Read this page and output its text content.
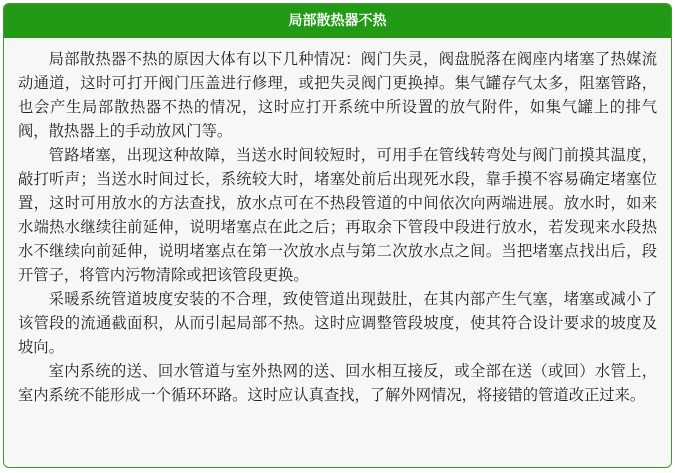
局部散热器不热

局部散热器不热的原因大体有以下几种情况：阀门失灵，阀盘脱落在阀座内堵塞了热媒流动通道，这时可打开阀门压盖进行修理，或把失灵阀门更换掉。集气罐存气太多，阻塞管路，也会产生局部散热器不热的情况，这时应打开系统中所设置的放气附件，如集气罐上的排气阀，散热器上的手动放风门等。

管路堵塞，出现这种故障，当送水时间较短时，可用手在管线转弯处与阀门前摸其温度，敲打听声；当送水时间过长，系统较大时，堵塞处前后出现死水段，靠手摸不容易确定堵塞位置，这时可用放水的方法查找，放水点可在不热段管道的中间依次向两端进展。放水时，如来水端热水继续往前延伸，说明堵塞点在此之后；再取余下管段中段进行放水，若发现来水段热水不继续向前延伸，说明堵塞点在第一次放水点与第二次放水点之间。当把堵塞点找出后，段开管子，将管内污物清除或把该管段更换。

采暖系统管道坡度安装的不合理，致使管道出现鼓肚，在其内部产生气塞，堵塞或减小了该管段的流通截面积，从而引起局部不热。这时应调整管段坡度，使其符合设计要求的坡度及坡向。

室内系统的送、回水管道与室外热网的送、回水相互接反，或全部在送（或回）水管上，室内系统不能形成一个循环环路。这时应认真查找，了解外网情况，将接错的管道改正过来。
